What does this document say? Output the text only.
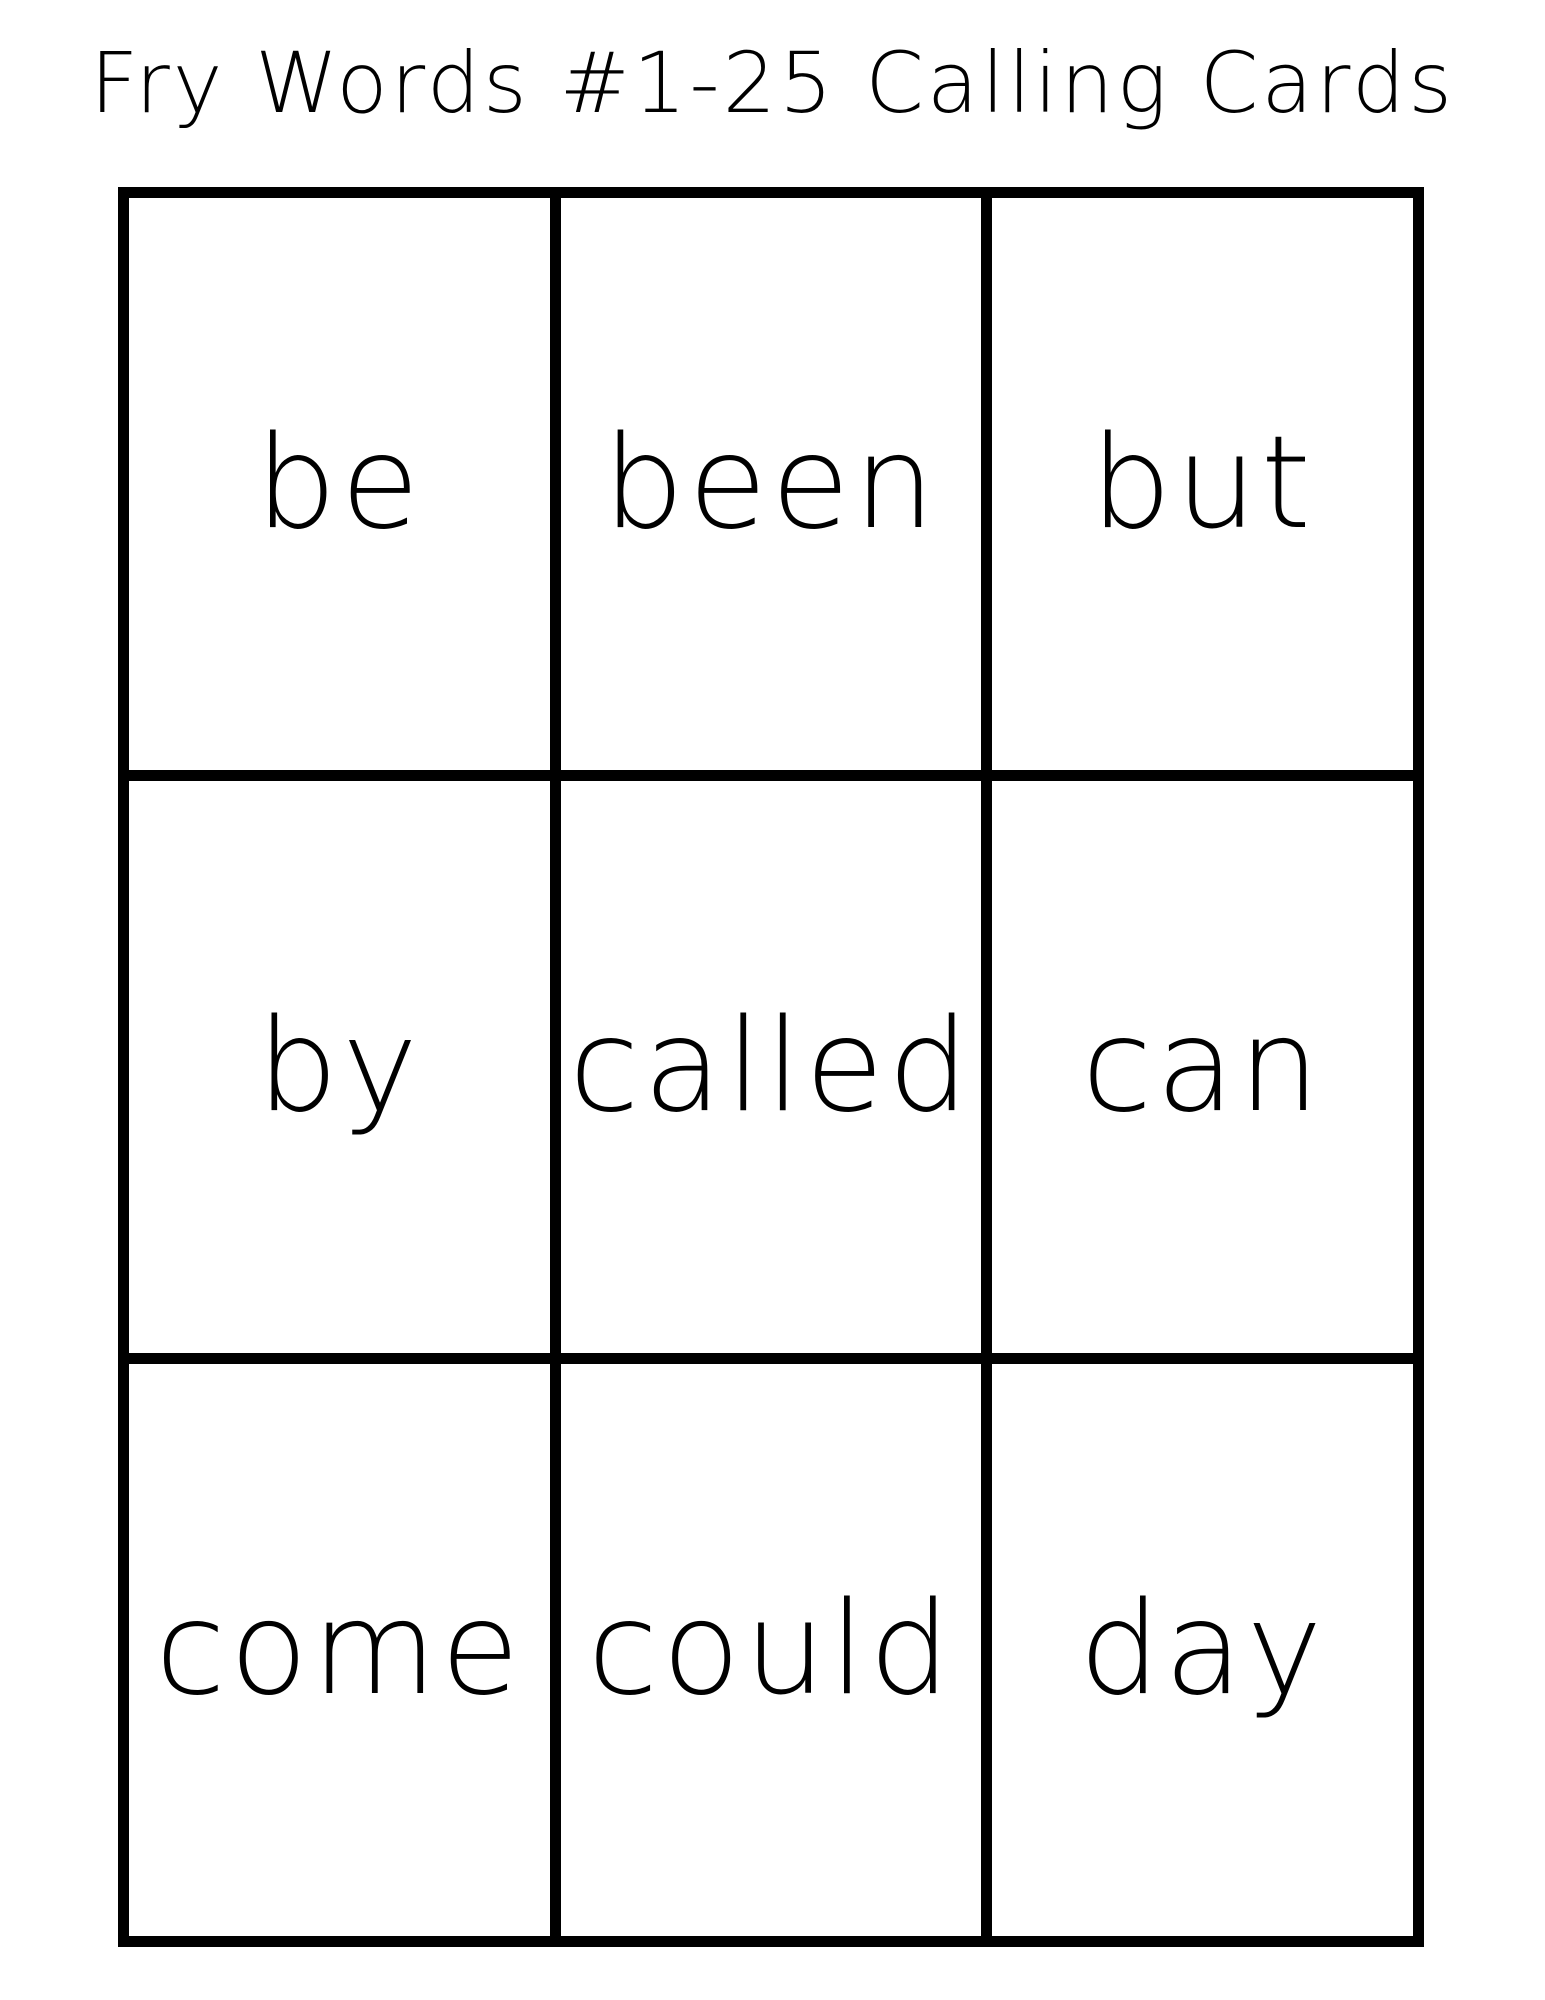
Fry Words #1-25 Calling Cards
be been but
by called can
come could day
